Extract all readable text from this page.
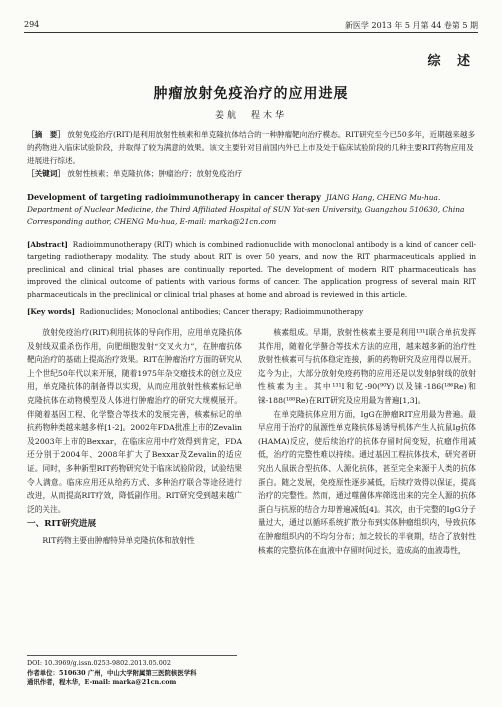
294	新医学 2013 年 5 月第 44 卷第 5 期
综 述
肿瘤放射免疫治疗的应用进展
姜航　程木华
［摘　要］ 放射免疫治疗(RIT)是利用放射性核素和单克隆抗体结合的一种肿瘤靶向治疗模态。RIT研究至今已50多年，近期越来越多的药物进入临床试验阶段，并取得了较为满意的效果。该文主要针对目前国内外已上市及处于临床试验阶段的几种主要RIT药物应用及进展进行综述。
［关键词］ 放射性核素；单克隆抗体；肿瘤治疗；放射免疫治疗
Development of targeting radioimmunotherapy in cancer therapy JIANG Hang, CHENG Mu-hua. Department of Nuclear Medicine, the Third Affiliated Hospital of SUN Yat-sen University, Guangzhou 510630, China
Corresponding author, CHENG Mu-hua, E-mail: marka@21cn.com
[Abstract] Radioimmunotherapy (RIT) which is combined radionuclide with monoclonal antibody is a kind of cancer cell-targeting radiotherapy modality. The study about RIT is over 50 years, and now the RIT pharmaceuticals applied in preclinical and clinical trial phases are continually reported. The development of modern RIT pharmaceuticals has improved the clinical outcome of patients with various forms of cancer. The application progress of several main RIT pharmaceuticals in the preclinical or clinical trial phases at home and abroad is reviewed in this article.
[Key words] Radionuclides; Monoclonal antibodies; Cancer therapy; Radioimmunotherapy

放射免疫治疗(RIT)利用抗体的导向作用，应用单克隆抗体及射线双重杀伤作用，向肥细胞发射“交叉火力”，在肿瘤抗体靶向治疗的基础上提高治疗效果。RIT在肿瘤治疗方面的研究从上个世纪50年代以来开展，随着1975年杂交瘤技术的创立及应用，单克隆抗体的制备得以实现，从而应用放射性核素标记单克隆抗体在动物模型及人体进行肿瘤治疗的研究大规模展开。伴随着基因工程、化学整合等技术的发展完善，核素标记的单抗药物种类越来越多样[1-2]。2002年FDA批准上市的Zevalin及2003年上市的Bexxar，在临床应用中疗效得到肯定，FDA还分别于2004年、2008年扩大了Bexxar及Zevalin的适应证。同时，多种新型RIT药物研究处于临床试验阶段，试验结果令人满意。临床应用还从给药方式、多种治疗联合等途径进行改进，从而提高RIT疗效，降低副作用。RIT研究受到越来越广泛的关注。

一、RIT研究进展

RIT药物主要由肿瘤特异单克隆抗体和放射性

核素组成。早期，放射性核素主要是利用¹³¹I联合单抗发挥其作用，随着化学螯合等技术方法的应用，越来越多新的治疗性放射性核素可与抗体稳定连接，新的药物研究及应用得以展开。迄今为止，大部分放射免疫药物的应用还是以发射β射线的放射性核素为主。其中¹³¹I和钇-90(⁹⁰Y)以及铼-186(¹⁸⁶Re)和铼-188(¹⁸⁸Re)在RIT研究及应用最为普遍[1,3]。

在单克隆抗体应用方面，IgG在肿瘤RIT应用最为普遍。最早应用于治疗的鼠源性单克隆抗体易诱导机体产生人抗鼠Ig抗体(HAMA)反应，使后续治疗的抗体存留时间变短，抗瘤作用减低，治疗的完整性难以持续。通过基因工程抗体技术，研究者研究出人鼠嵌合型抗体、人源化抗体，甚至完全来源于人类的抗体蛋白。随之发展，免疫原性逐步减低，后续疗效得以保证，提高治疗的完整性。然而，通过噬菌体库筛选出来的完全人源的抗体蛋白与抗原的结合力却普遍减低[4]。其次，由于完整的IgG分子量过大，通过以循环系统扩散分布到实体肿瘤组织内，导致抗体在肿瘤组织内的不均匀分布；加之较长的半衰期，结合了放射性核素的完整抗体在血液中存留时间过长，造成高的血液毒性，

DOI: 10.3969/g.issn.0253-9802.2013.05.002
作者单位：510630 广州，中山大学附属第三医院核医学科
通讯作者，程木华，E-mail: marka@21cn.com
